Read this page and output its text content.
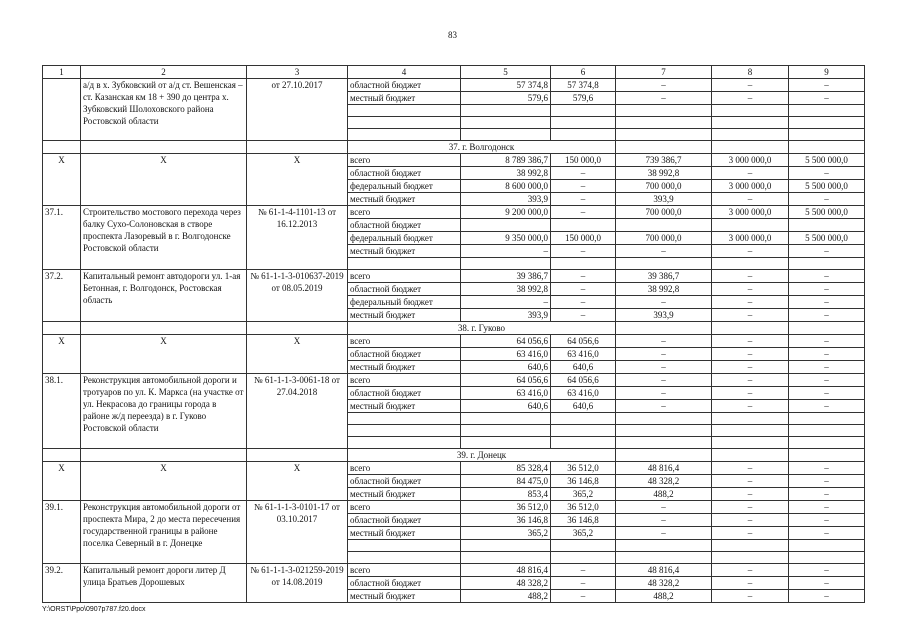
83
1	2	3	4	5	6	7	8	9
	а/д в х. Зубковский от а/д ст. Вешенская – ст. Казанская км 18 + 390 до центра х. Зубковский Шолоховского района Ростовской области	от 27.10.2017	областной бюджет	57 374,8	57 374,8	–	–	–
			местный бюджет	579,6	579,6	–	–	–

			37. г. Волгодонск					
Х	Х	Х	всего	8 789 386,7	150 000,0	739 386,7	3 000 000,0	5 500 000,0
			областной бюджет	38 992,8	–	38 992,8	–	–
			федеральный бюджет	8 600 000,0	–	700 000,0	3 000 000,0	5 500 000,0
			местный бюджет	393,9	–	393,9	–	–
37.1.	Строительство мостового перехода через балку Сухо-Солоновская в створе проспекта Лазоревый в г. Волгодонске Ростовской области	№ 61-1-4-1101-13 от 16.12.2013	всего	9 200 000,0	–	700 000,0	3 000 000,0	5 500 000,0
			областной бюджет					
			федеральный бюджет	9 350 000,0	150 000,0	700 000,0	3 000 000,0	5 500 000,0
			местный бюджет	–	–	–	–	–

37.2.	Капитальный ремонт автодороги ул. 1-ая Бетонная, г. Волгодонск, Ростовская область	№ 61-1-1-3-010637-2019 от 08.05.2019	всего	39 386,7	–	39 386,7	–	–
			областной бюджет	38 992,8	–	38 992,8	–	–
			федеральный бюджет	–	–	–	–	–
			местный бюджет	393,9	–	393,9	–	–
			38. г. Гуково					
Х	Х	Х	всего	64 056,6	64 056,6	–	–	–
			областной бюджет	63 416,0	63 416,0	–	–	–
			местный бюджет	640,6	640,6	–	–	–
38.1.	Реконструкция автомобильной дороги и тротуаров по ул. К. Маркса (на участке от ул. Некрасова до границы города в районе ж/д переезда) в г. Гуково Ростовской области	№ 61-1-1-3-0061-18 от 27.04.2018	всего	64 056,6	64 056,6	–	–	–
			областной бюджет	63 416,0	63 416,0	–	–	–
			местный бюджет	640,6	640,6	–	–	–

			39. г. Донецк					
Х	Х	Х	всего	85 328,4	36 512,0	48 816,4	–	–
			областной бюджет	84 475,0	36 146,8	48 328,2	–	–
			местный бюджет	853,4	365,2	488,2	–	–
39.1.	Реконструкция автомобильной дороги от проспекта Мира, 2 до места пересечения государственной границы в районе поселка Северный в г. Донецке	№ 61-1-1-3-0101-17 от 03.10.2017	всего	36 512,0	36 512,0	–	–	–
			областной бюджет	36 146,8	36 146,8	–	–	–
			местный бюджет	365,2	365,2	–	–	–

39.2.	Капитальный ремонт дороги литер Д улица Братьев Дорошевых	№ 61-1-1-3-021259-2019 от 14.08.2019	всего	48 816,4	–	48 816,4	–	–
			областной бюджет	48 328,2	–	48 328,2	–	–
			местный бюджет	488,2	–	488,2	–	–
Y:\ORST\Ppo\0907p787.f20.docx
